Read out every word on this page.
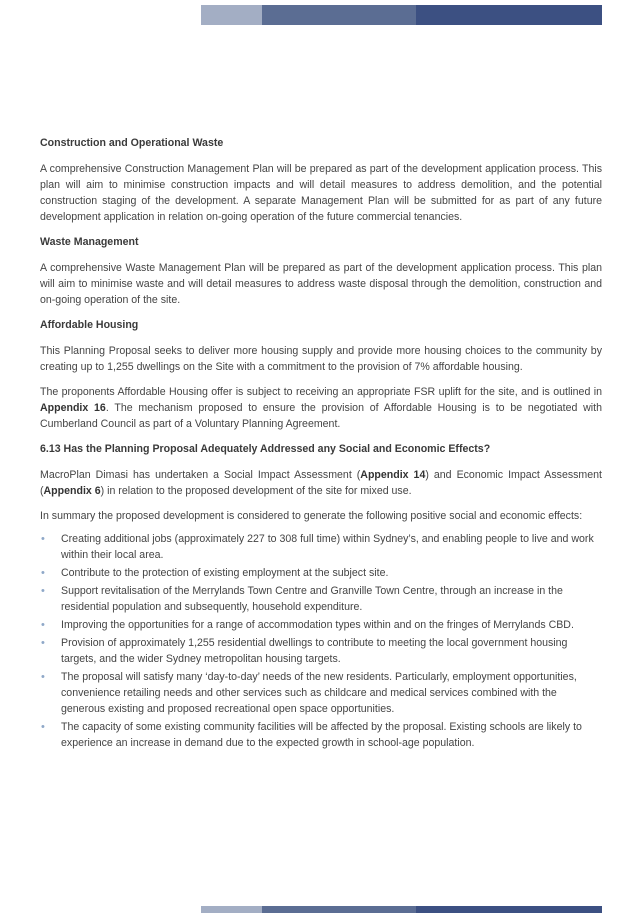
Construction and Operational Waste

A comprehensive Construction Management Plan will be prepared as part of the development application process. This plan will aim to minimise construction impacts and will detail measures to address demolition, and the potential construction staging of the development. A separate Management Plan will be submitted for as part of any future development application in relation on-going operation of the future commercial tenancies.

Waste Management

A comprehensive Waste Management Plan will be prepared as part of the development application process. This plan will aim to minimise waste and will detail measures to address waste disposal through the demolition, construction and on-going operation of the site.

Affordable Housing

This Planning Proposal seeks to deliver more housing supply and provide more housing choices to the community by creating up to 1,255 dwellings on the Site with a commitment to the provision of 7% affordable housing.

The proponents Affordable Housing offer is subject to receiving an appropriate FSR uplift for the site, and is outlined in Appendix 16. The mechanism proposed to ensure the provision of Affordable Housing is to be negotiated with Cumberland Council as part of a Voluntary Planning Agreement.

6.13 Has the Planning Proposal Adequately Addressed any Social and Economic Effects?

MacroPlan Dimasi has undertaken a Social Impact Assessment (Appendix 14) and Economic Impact Assessment (Appendix 6) in relation to the proposed development of the site for mixed use.

In summary the proposed development is considered to generate the following positive social and economic effects:

• Creating additional jobs (approximately 227 to 308 full time) within Sydney’s, and enabling people to live and work within their local area.
• Contribute to the protection of existing employment at the subject site.
• Support revitalisation of the Merrylands Town Centre and Granville Town Centre, through an increase in the residential population and subsequently, household expenditure.
• Improving the opportunities for a range of accommodation types within and on the fringes of Merrylands CBD.
• Provision of approximately 1,255 residential dwellings to contribute to meeting the local government housing targets, and the wider Sydney metropolitan housing targets.
• The proposal will satisfy many ‘day-to-day’ needs of the new residents. Particularly, employment opportunities, convenience retailing needs and other services such as childcare and medical services combined with the generous existing and proposed recreational open space opportunities.
• The capacity of some existing community facilities will be affected by the proposal. Existing schools are likely to experience an increase in demand due to the expected growth in school-age population.
